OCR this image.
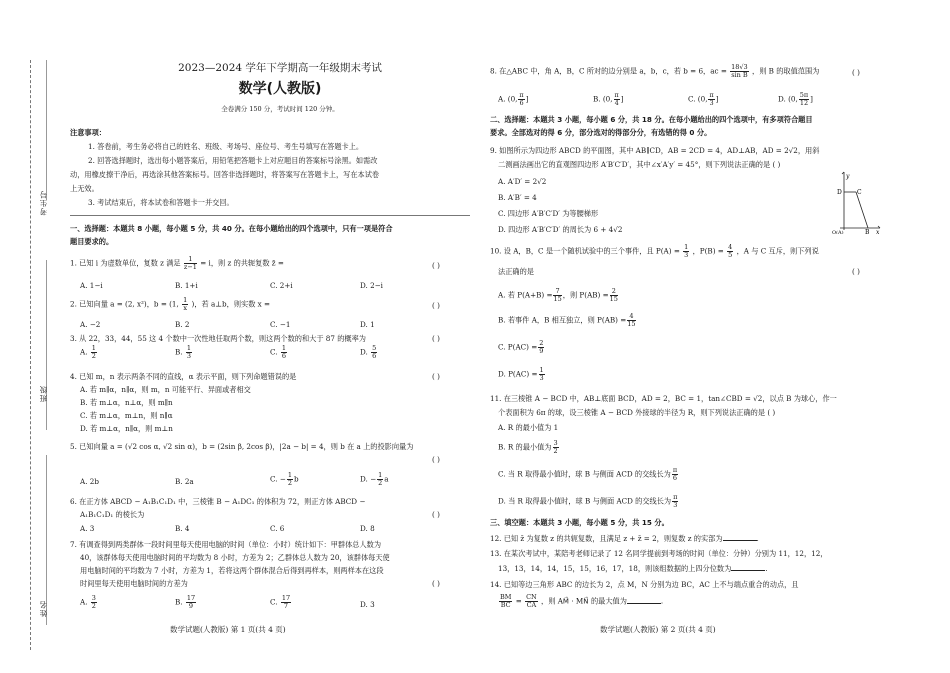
考生号
班级
姓名
2023—2024 学年下学期高一年级期末考试
数学(人教版)
全卷满分 150 分，考试时间 120 分钟。
注意事项：
1. 答卷前，考生务必将自己的姓名、班级、考场号、座位号、考生号填写在答题卡上。
2. 回答选择题时，选出每小题答案后，用铅笔把答题卡上对应题目的答案标号涂黑。如需改
动，用橡皮擦干净后，再选涂其他答案标号。回答非选择题时，将答案写在答题卡上，写在本试卷
上无效。
3. 考试结束后，将本试卷和答题卡一并交回。
一、选择题：本题共 8 小题，每小题 5 分，共 40 分。在每小题给出的四个选项中，只有一项是符合
题目要求的。
1. 已知 i 为虚数单位，复数 z 满足 $\frac{1}{z-1} = i$，则 z 的共轭复数 z̄ =	( )
A. 1−i	B. 1+i	C. 2+i	D. 2−i
2. 已知向量 a = (2, x²)，b = (1, $\frac{1}{x}$ )，若 a⊥b，则实数 x =	( )
A. −2	B. 2	C. −1	D. 1
3. 从 22，33，44，55 这 4 个数中一次性地任取两个数，则这两个数的和大于 87 的概率为	( )
A. $\frac{1}{2}$	B. $\frac{1}{3}$	C. $\frac{1}{6}$	D. $\frac{5}{6}$
4. 已知 m，n 表示两条不同的直线，α 表示平面，则下列命题错误的是	( )
A. 若 m∥α，n∥α，则 m，n 可能平行、异面或者相交
B. 若 m⊥α，n⊥α，则 m∥n
C. 若 m⊥α，m⊥n，则 n∥α
D. 若 m⊥α，n∥α，则 m⊥n
5. 已知向量 a = (√2 cos α, √2 sin α)，b = (2sin β, 2cos β)，|2a − b| = 4，则 b 在 a 上的投影向量为
( )
A. 2b	B. 2a	C. − $\frac{1}{2}$ b	D. − $\frac{1}{2}$ a
6. 在正方体 ABCD − A₁B₁C₁D₁ 中，三棱锥 B − A₁DC₁ 的体积为 72，则正方体 ABCD −
A₁B₁C₁D₁ 的棱长为	( )
A. 3	B. 4	C. 6	D. 8
7. 有调查得到两类群体一段时间里每天使用电脑的时间（单位：小时）统计如下：甲群体总人数为
40，该群体每天使用电脑时间的平均数为 8 小时，方差为 2；乙群体总人数为 20，该群体每天使
用电脑时间的平均数为 7 小时，方差为 1，若将这两个群体混合后得到再样本，则两样本在这段
时间里每天使用电脑时间的方差为	( )
A. $\frac{3}{2}$	B. $\frac{17}{9}$	C. $\frac{17}{7}$	D. 3
数学试题(人教版) 第 1 页(共 4 页)
8. 在△ABC 中，角 A，B，C 所对的边分别是 a，b，c，若 b = 6，ac = $\frac{18√3}{\text{sin B}}$ ，则 B 的取值范围为	( )
A. (0, $\frac{\pi}{6}$ ]	B. (0, $\frac{\pi}{4}$ ]	C. (0, $\frac{\pi}{3}$ ]	D. (0, $\frac{5\pi}{12}$ ]
二、选择题：本题共 3 小题，每小题 6 分，共 18 分。在每小题给出的四个选项中，有多项符合题目
要求。全部选对的得 6 分，部分选对的得部分分，有选错的得 0 分。
9. 如图所示为四边形 ABCD 的平面图，其中 AB∥CD，AB = 2CD = 4，AD⊥AB，AD = 2√2，用斜
二测画法画出它的直观图四边形 A′B′C′D′，其中∠x′A′y′ = 45°，则下列说法正确的是 ( )
A. A′D′ = 2√2
B. A′B′ = 4
C. 四边形 A′B′C′D′ 为等腰梯形
D. 四边形 A′B′C′D′ 的周长为 6 + 4√2
y
x
D	C
O(A)	B
10. 设 A，B，C 是一个随机试验中的三个事件，且 $P(A) = \frac{1}{3}$ ，$P(B) = \frac{4}{5}$ ，A 与 C 互斥，则下列说
法正确的是	( )
A. 若 $P(A+B) = \frac{7}{15}$ ，则 $P(AB) = \frac{2}{15}$
B. 若事件 A，B 相互独立，则 $P(AB) = \frac{4}{15}$
C. $P(AC) = \frac{2}{9}$
D. $P(AC) = \frac{1}{3}$
11. 在三棱锥 A − BCD 中，AB⊥底面 BCD，AD = 2，BC = 1，tan∠CBD = √2，以点 B 为球心，作一
个表面积为 6π 的球，设三棱锥 A − BCD 外接球的半径为 R，则下列说法正确的是 ( )
A. R 的最小值为 1
B. R 的最小值为 $\frac{3}{2}$
C. 当 R 取得最小值时，球 B 与侧面 ACD 的交线长为 $\frac{\pi}{6}$
D. 当 R 取得最小值时，球 B 与侧面 ACD 的交线长为 $\frac{\pi}{3}$
三、填空题：本题共 3 小题，每小题 5 分，共 15 分。
12. 已知 z̄ 为复数 z 的共轭复数，且满足 z + z̄ = 2，则复数 z 的实部为	.
13. 在某次考试中，某陪考老师记录了 12 名同学提前到考场的时间（单位：分钟）分别为 11，12，12，
13，13，14，14，15，15，16，17，18，则该组数据的上四分位数为	.
14. 已知等边三角形 ABC 的边长为 2，点 M，N 分别为边 BC，AC 上不与端点重合的动点，且
$\frac{BM}{BC} = \frac{CN}{CA}$ ，则 AM⃗ · MN⃗ 的最大值为	.
数学试题(人教版) 第 2 页(共 4 页)
